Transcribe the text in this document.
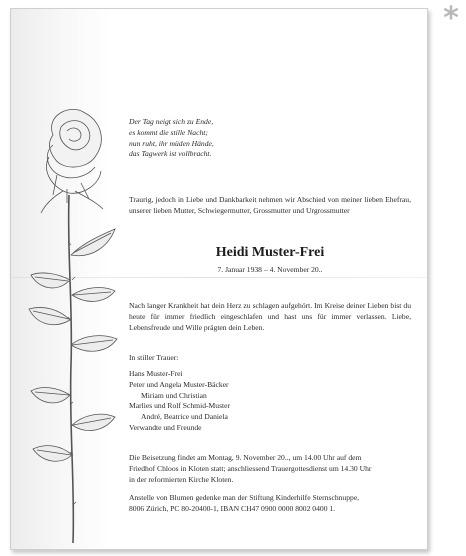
Der Tag neigt sich zu Ende,
es kommt die stille Nacht;
nun ruht, ihr müden Hände,
das Tagwerk ist vollbracht.
Traurig, jedoch in Liebe und Dankbarkeit nehmen wir Abschied von meiner lieben Ehefrau, unserer lieben Mutter, Schwiegermutter, Grossmutter und Urgrossmutter
Heidi Muster-Frei
7. Januar 1938 – 4. November 20..
Nach langer Krankheit hat dein Herz zu schlagen aufgehört. Im Kreise deiner Lieben bist du heute für immer friedlich eingeschlafen und hast uns für immer verlassen. Liebe, Lebensfreude und Wille prägten dein Leben.
In stiller Trauer:
Hans Muster-Frei
Peter und Angela Muster-Bäcker
Miriam und Christian
Marlies und Rolf Schmid-Muster
André, Beatrice und Daniela
Verwandte und Freunde
Die Beisetzung findet am Montag, 9. November 20.., um 14.00 Uhr auf dem
Friedhof Chloos in Kloten statt; anschliessend Trauergottesdienst um 14.30 Uhr
in der reformierten Kirche Kloten.
Anstelle von Blumen gedenke man der Stiftung Kinderhilfe Sternschnuppe,
8006 Zürich, PC 80-20400-1, IBAN CH47 0900 0000 8002 0400 1.
*
